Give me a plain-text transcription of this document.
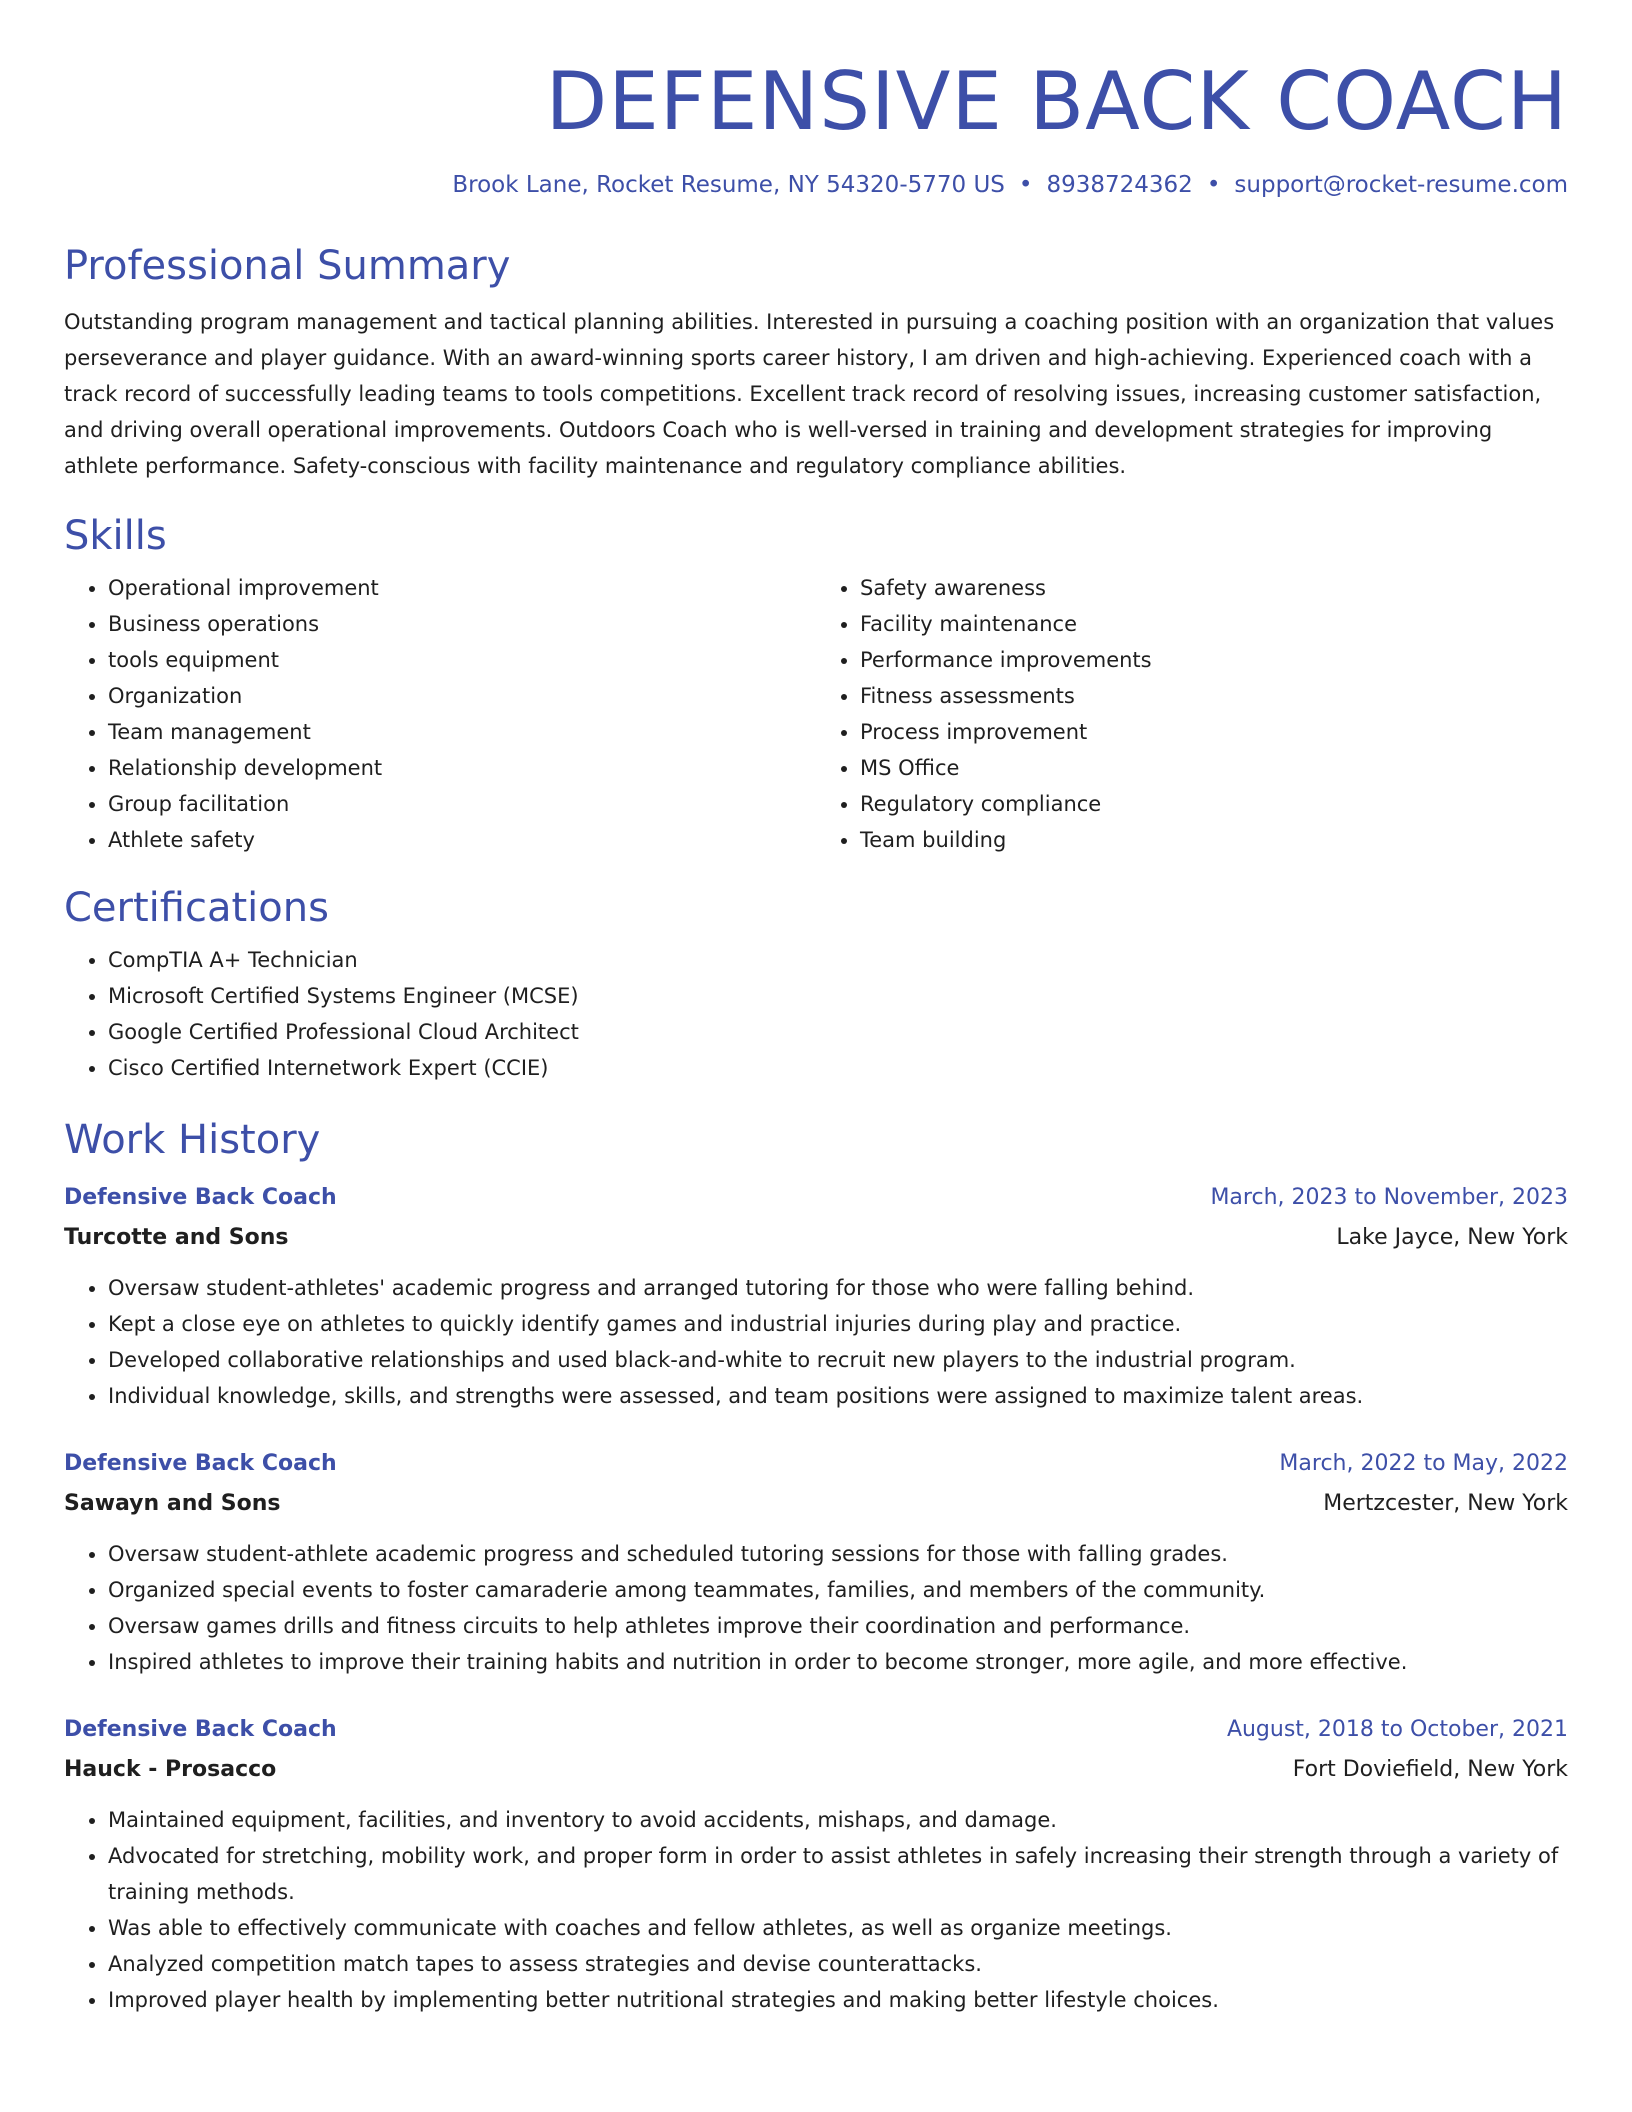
DEFENSIVE BACK COACH
Brook Lane, Rocket Resume, NY 54320-5770 US • 8938724362 • support@rocket-resume.com
Professional Summary

Outstanding program management and tactical planning abilities. Interested in pursuing a coaching position with an organization that values perseverance and player guidance. With an award-winning sports career history, I am driven and high-achieving. Experienced coach with a track record of successfully leading teams to tools competitions. Excellent track record of resolving issues, increasing customer satisfaction, and driving overall operational improvements. Outdoors Coach who is well-versed in training and development strategies for improving athlete performance. Safety-conscious with facility maintenance and regulatory compliance abilities.

Skills
• Operational improvement
• Business operations
• tools equipment
• Organization
• Team management
• Relationship development
• Group facilitation
• Athlete safety
• Safety awareness
• Facility maintenance
• Performance improvements
• Fitness assessments
• Process improvement
• MS Office
• Regulatory compliance
• Team building
Certifications
• CompTIA A+ Technician
• Microsoft Certified Systems Engineer (MCSE)
• Google Certified Professional Cloud Architect
• Cisco Certified Internetwork Expert (CCIE)
Work History
Defensive Back Coach	March, 2023 to November, 2023
Turcotte and Sons	Lake Jayce, New York
• Oversaw student-athletes' academic progress and arranged tutoring for those who were falling behind.
• Kept a close eye on athletes to quickly identify games and industrial injuries during play and practice.
• Developed collaborative relationships and used black-and-white to recruit new players to the industrial program.
• Individual knowledge, skills, and strengths were assessed, and team positions were assigned to maximize talent areas.
Defensive Back Coach	March, 2022 to May, 2022
Sawayn and Sons	Mertzcester, New York
• Oversaw student-athlete academic progress and scheduled tutoring sessions for those with falling grades.
• Organized special events to foster camaraderie among teammates, families, and members of the community.
• Oversaw games drills and fitness circuits to help athletes improve their coordination and performance.
• Inspired athletes to improve their training habits and nutrition in order to become stronger, more agile, and more effective.
Defensive Back Coach	August, 2018 to October, 2021
Hauck - Prosacco	Fort Doviefield, New York
• Maintained equipment, facilities, and inventory to avoid accidents, mishaps, and damage.
• Advocated for stretching, mobility work, and proper form in order to assist athletes in safely increasing their strength through a variety of training methods.
• Was able to effectively communicate with coaches and fellow athletes, as well as organize meetings.
• Analyzed competition match tapes to assess strategies and devise counterattacks.
• Improved player health by implementing better nutritional strategies and making better lifestyle choices.
